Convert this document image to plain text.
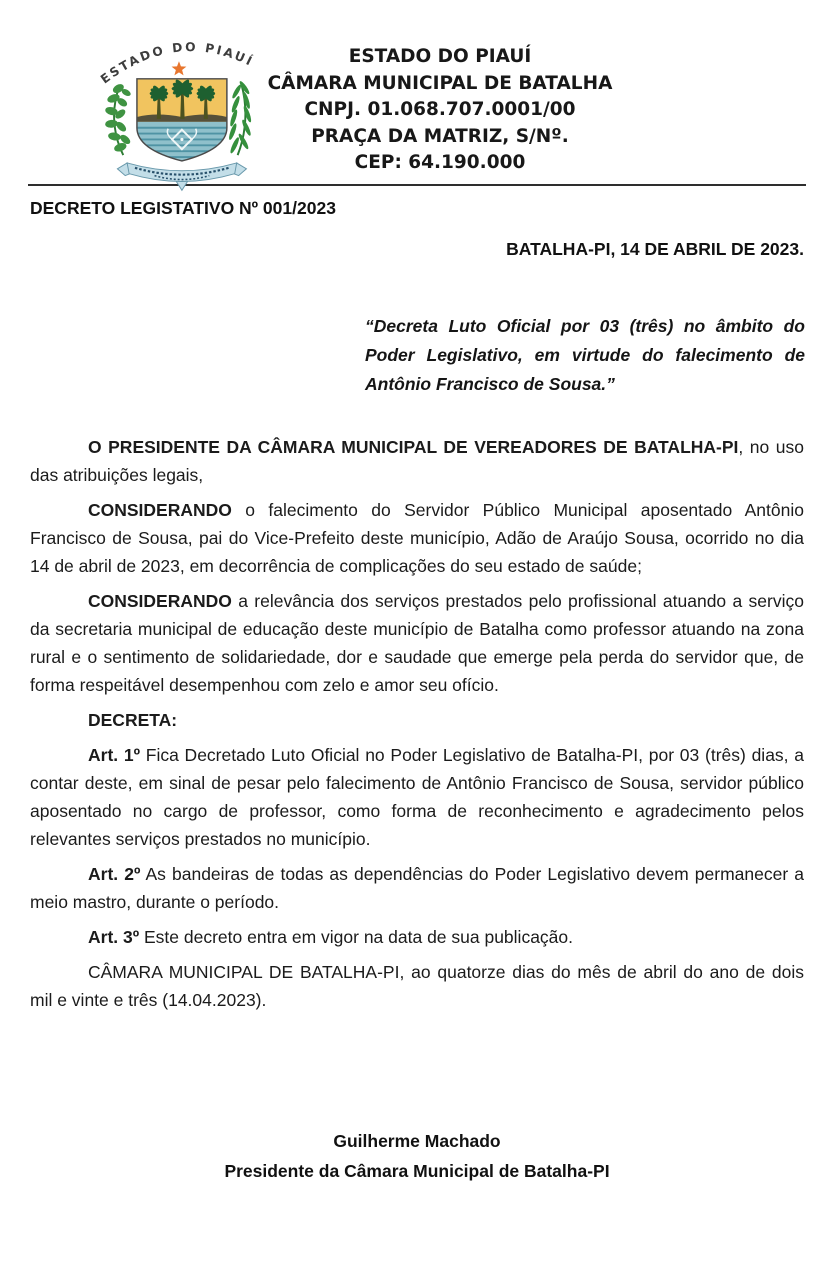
ESTADO DO PIAUÍ	ESTADO DO PIAUÍ
CÂMARA MUNICIPAL DE BATALHA
CNPJ. 01.068.707.0001/00
PRAÇA DA MATRIZ, S/Nº.
CEP: 64.190.000
DECRETO LEGISTATIVO Nº 001/2023
BATALHA-PI, 14 DE ABRIL DE 2023.
“Decreta Luto Oficial por 03 (três) no âmbito do Poder Legislativo, em virtude do falecimento de Antônio Francisco de Sousa.”

O PRESIDENTE DA CÂMARA MUNICIPAL DE VEREADORES DE BATALHA-PI, no uso das atribuições legais,

CONSIDERANDO o falecimento do Servidor Público Municipal aposentado Antônio Francisco de Sousa, pai do Vice-Prefeito deste município, Adão de Araújo Sousa, ocorrido no dia 14 de abril de 2023, em decorrência de complicações do seu estado de saúde;

CONSIDERANDO a relevância dos serviços prestados pelo profissional atuando a serviço da secretaria municipal de educação deste município de Batalha como professor atuando na zona rural e o sentimento de solidariedade, dor e saudade que emerge pela perda do servidor que, de forma respeitável desempenhou com zelo e amor seu ofício.

DECRETA:

Art. 1º Fica Decretado Luto Oficial no Poder Legislativo de Batalha-PI, por 03 (três) dias, a contar deste, em sinal de pesar pelo falecimento de Antônio Francisco de Sousa, servidor público aposentado no cargo de professor, como forma de reconhecimento e agradecimento pelos relevantes serviços prestados no município.

Art. 2º As bandeiras de todas as dependências do Poder Legislativo devem permanecer a meio mastro, durante o período.

Art. 3º Este decreto entra em vigor na data de sua publicação.

CÂMARA MUNICIPAL DE BATALHA-PI, ao quatorze dias do mês de abril do ano de dois mil e vinte e três (14.04.2023).

Guilherme Machado
Presidente da Câmara Municipal de Batalha-PI
